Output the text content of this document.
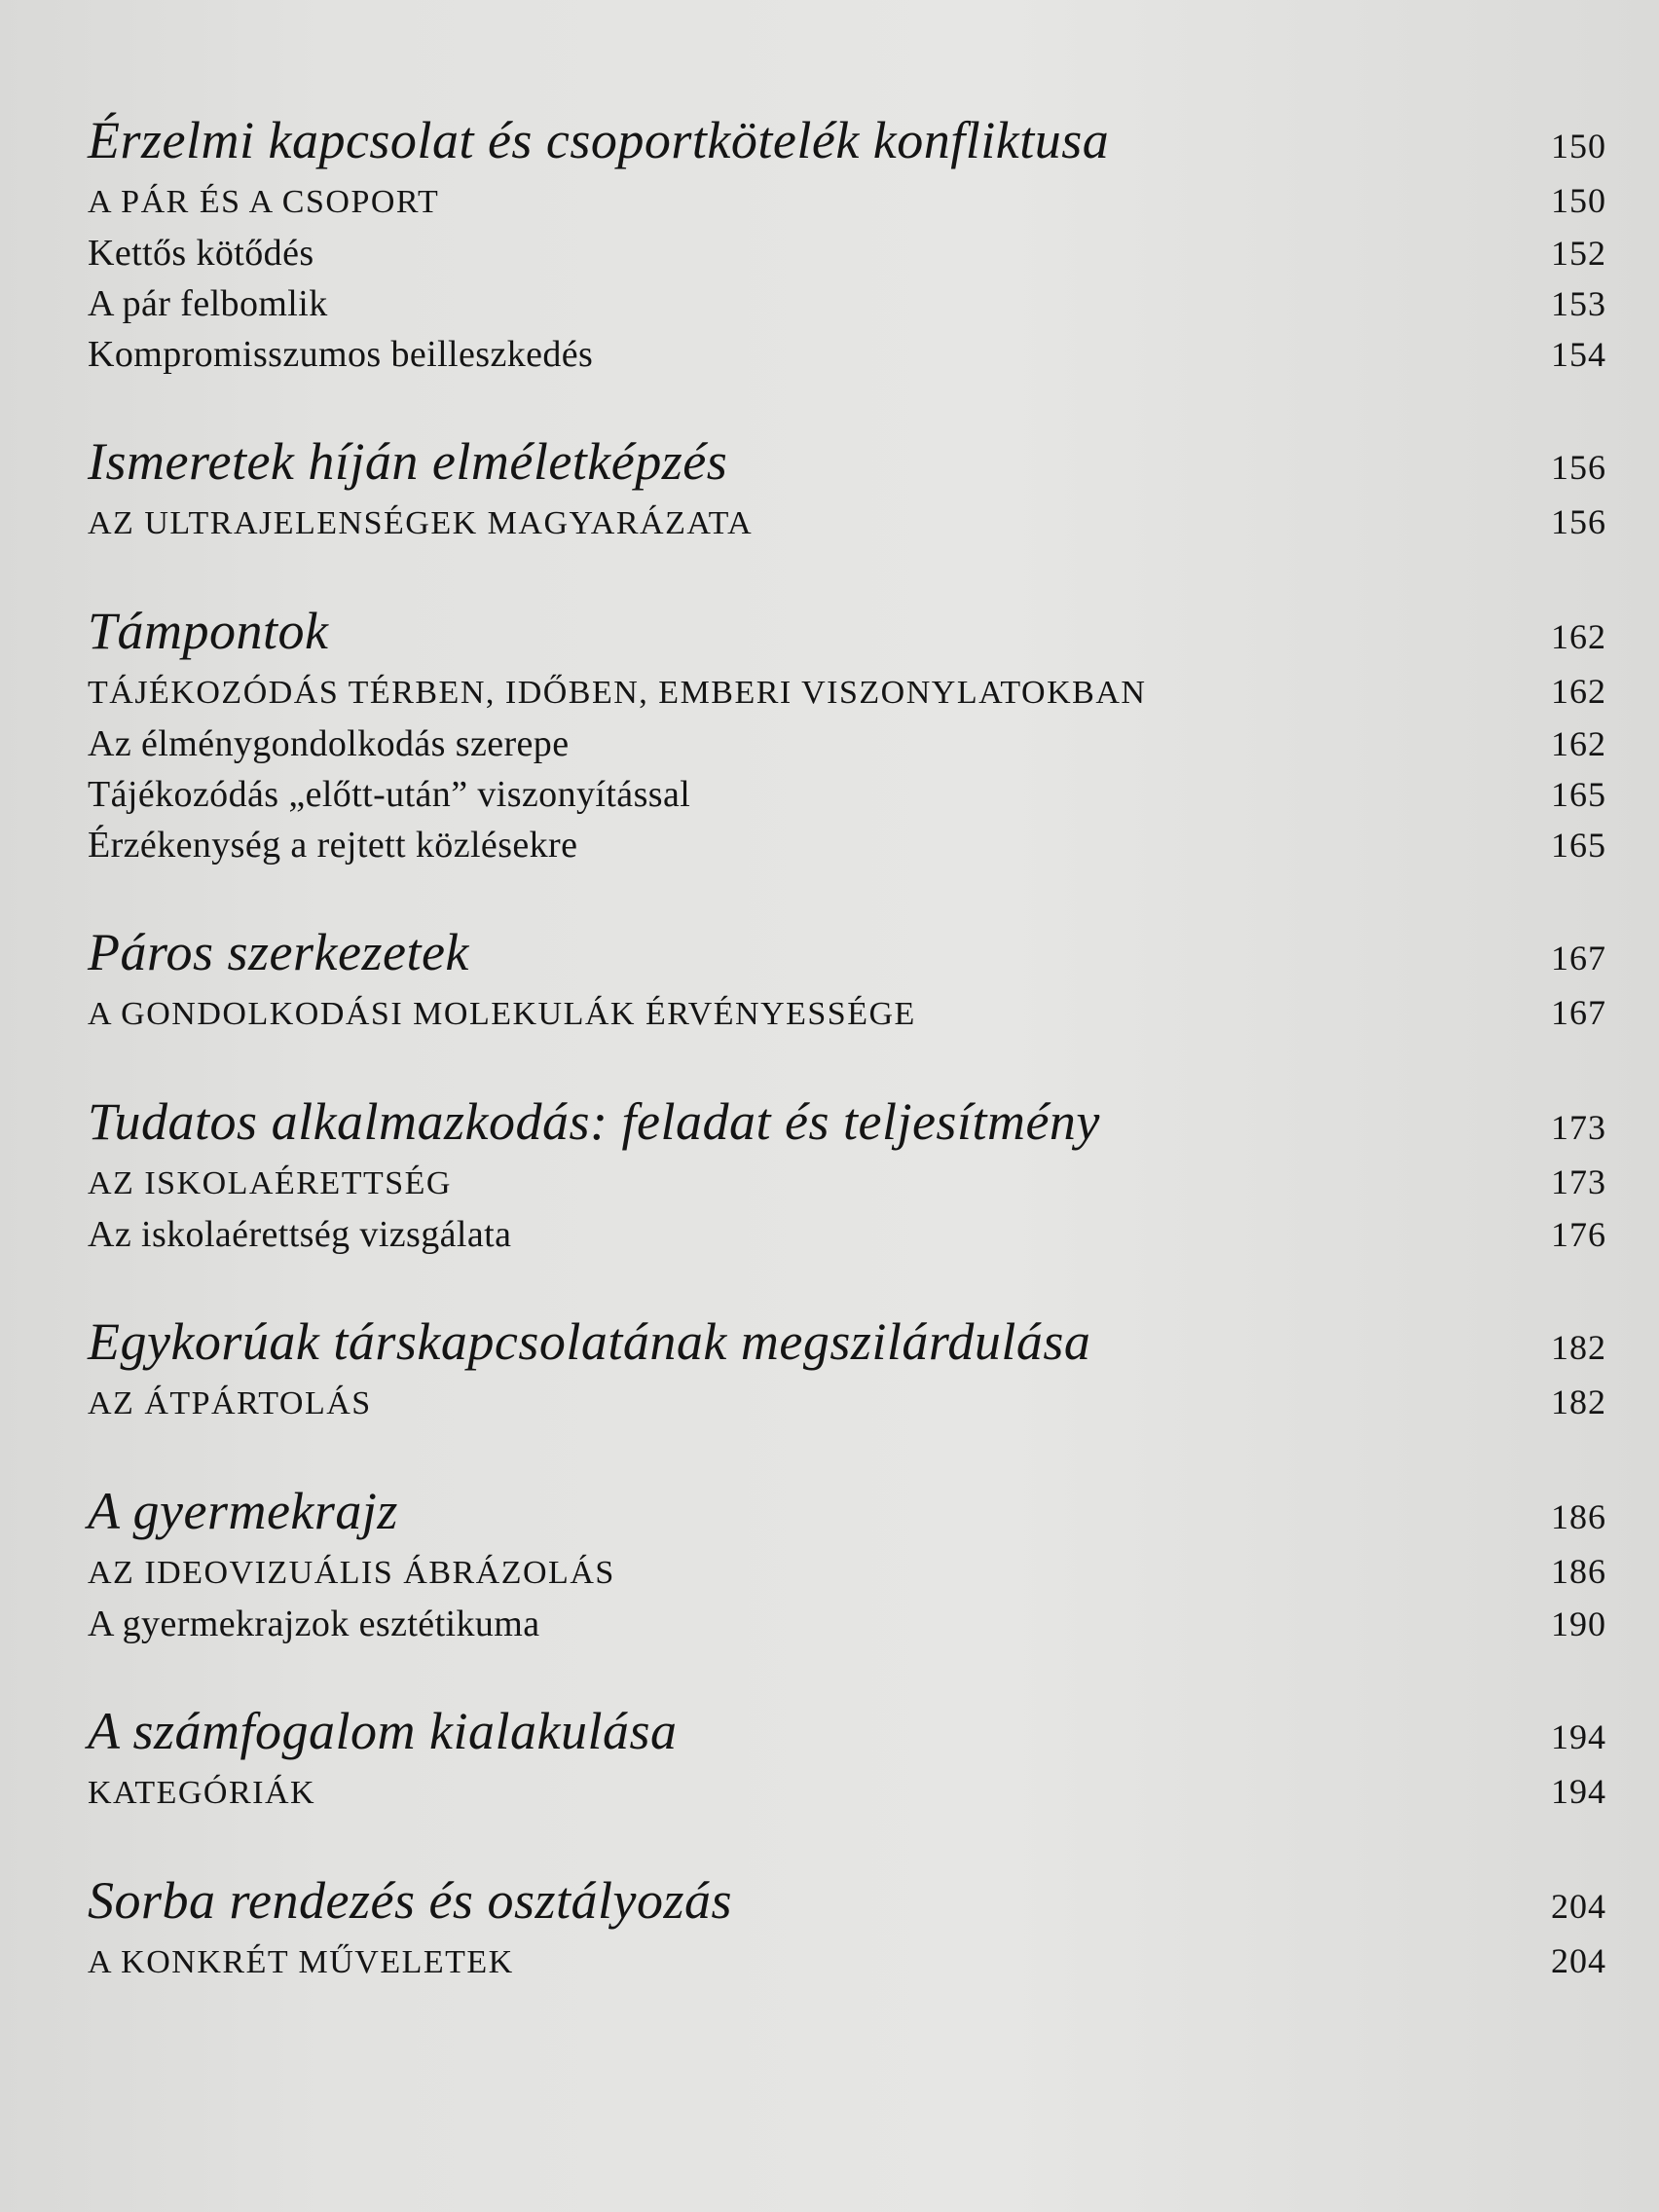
Érzelmi kapcsolat és csoportkötelék konfliktusa	150
A PÁR ÉS A CSOPORT	150
Kettős kötődés	152
A pár felbomlik	153
Kompromisszumos beilleszkedés	154
Ismeretek híján elméletképzés	156
AZ ULTRAJELENSÉGEK MAGYARÁZATA	156
Támpontok	162
TÁJÉKOZÓDÁS TÉRBEN, IDŐBEN, EMBERI VISZONYLATOKBAN	162
Az élménygondolkodás szerepe	162
Tájékozódás „előtt-után” viszonyítással	165
Érzékenység a rejtett közlésekre	165
Páros szerkezetek	167
A GONDOLKODÁSI MOLEKULÁK ÉRVÉNYESSÉGE	167
Tudatos alkalmazkodás: feladat és teljesítmény	173
AZ ISKOLAÉRETTSÉG	173
Az iskolaérettség vizsgálata	176
Egykorúak társkapcsolatának megszilárdulása	182
AZ ÁTPÁRTOLÁS	182
A gyermekrajz	186
AZ IDEOVIZUÁLIS ÁBRÁZOLÁS	186
A gyermekrajzok esztétikuma	190
A számfogalom kialakulása	194
KATEGÓRIÁK	194
Sorba rendezés és osztályozás	204
A KONKRÉT MŰVELETEK	204
